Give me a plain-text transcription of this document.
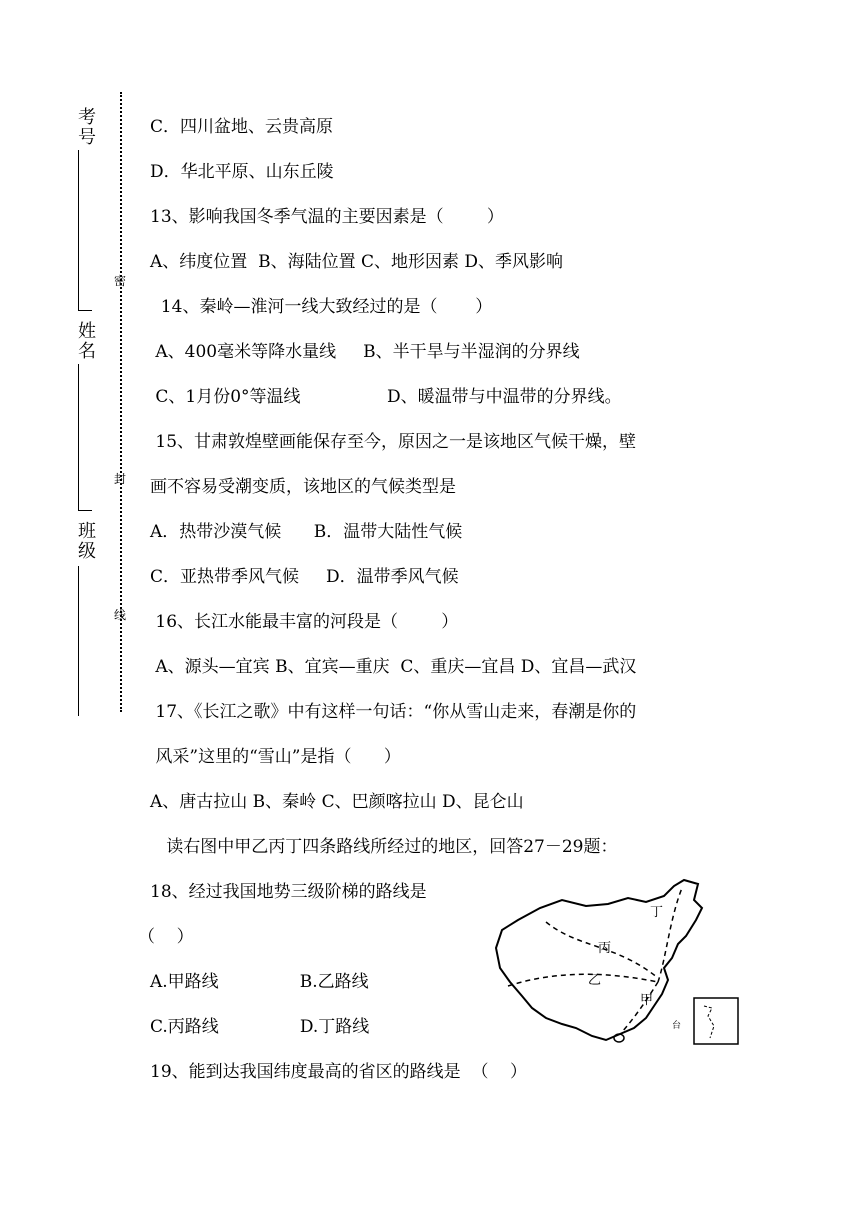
考号
姓名
班级
密
封
线
C．四川盆地、云贵高原
D．华北平原、山东丘陵
13、影响我国冬季气温的主要因素是（        ）
A、纬度位置  B、海陆位置 C、地形因素 D、季风影响
14、秦岭—淮河一线大致经过的是（       ）
A、400毫米等降水量线     B、半干旱与半湿润的分界线
C、1月份0°等温线                D、暖温带与中温带的分界线。
15、甘肃敦煌壁画能保存至今，原因之一是该地区气候干燥，壁
画不容易受潮变质，该地区的气候类型是
A．热带沙漠气候      B．温带大陆性气候
C．亚热带季风气候     D．温带季风气候
16、长江水能最丰富的河段是（        ）
A、源头—宜宾 B、宜宾—重庆  C、重庆—宜昌 D、宜昌—武汉
17、《长江之歌》中有这样一句话：“你从雪山走来，春潮是你的
风采”这里的“雪山”是指（      ）
A、唐古拉山 B、秦岭 C、巴颜喀拉山 D、昆仑山
读右图中甲乙丙丁四条路线所经过的地区，回答27－29题：
18、经过我国地势三级阶梯的路线是
（    ）
A.甲路线               B.乙路线
C.丙路线               D.丁路线
19、能到达我国纬度最高的省区的路线是  （    ）
丙
乙
甲
丁
台
